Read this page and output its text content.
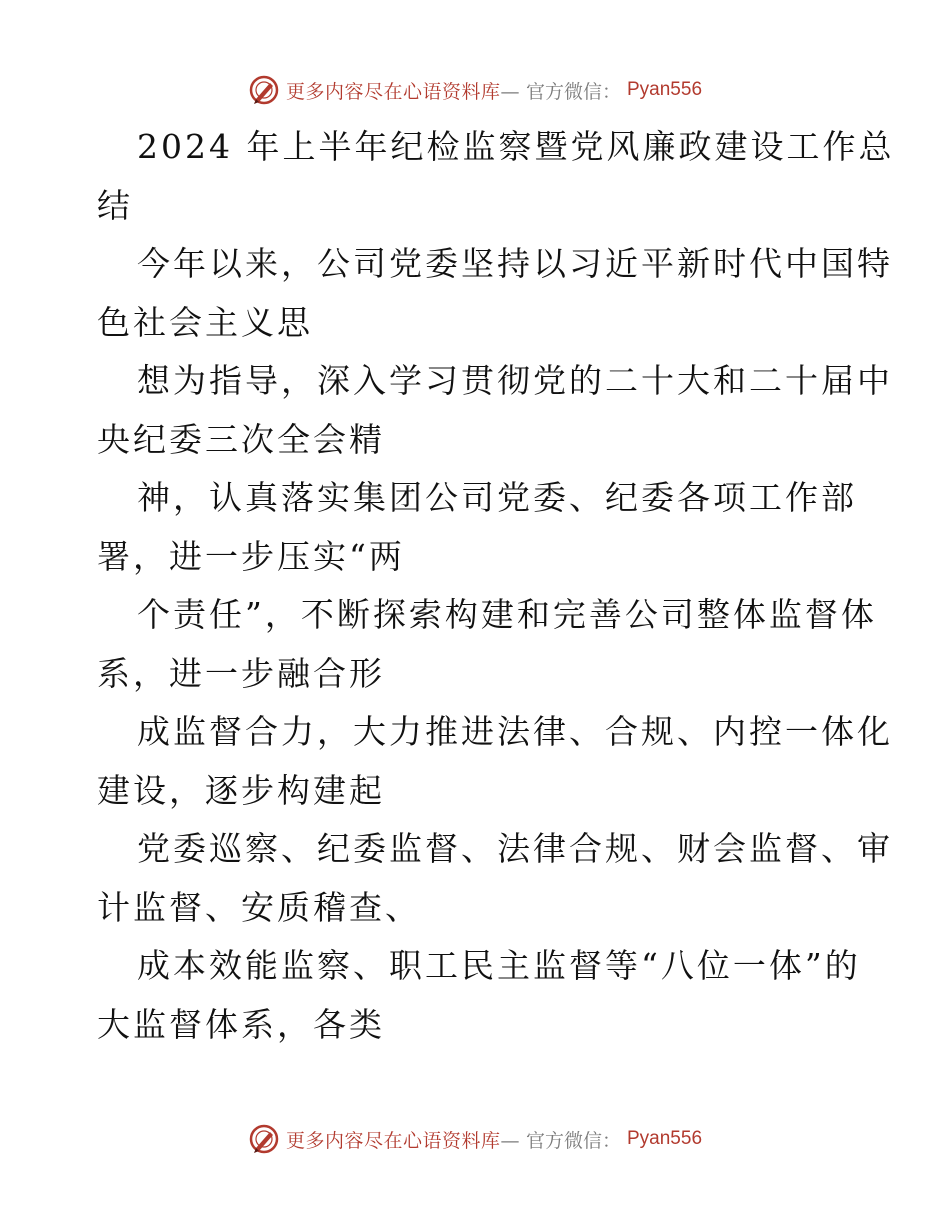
更多内容尽在心语资料库— 官方微信： Pyan556
2024 年上半年纪检监察暨党风廉政建设工作总
结
今年以来，公司党委坚持以习近平新时代中国特
色社会主义思
想为指导，深入学习贯彻党的二十大和二十届中
央纪委三次全会精
神，认真落实集团公司党委、纪委各项工作部
署，进一步压实“两
个责任”，不断探索构建和完善公司整体监督体
系，进一步融合形
成监督合力，大力推进法律、合规、内控一体化
建设，逐步构建起
党委巡察、纪委监督、法律合规、财会监督、审
计监督、安质稽查、
成本效能监察、职工民主监督等“八位一体”的
大监督体系，各类
更多内容尽在心语资料库— 官方微信： Pyan556
